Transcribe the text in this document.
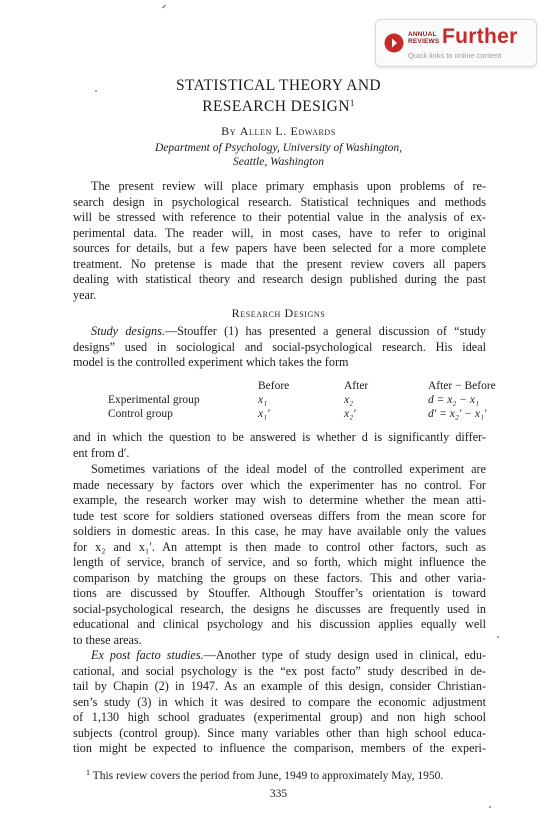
ANNUAL
REVIEWS Further
Quick links to online content
STATISTICAL THEORY AND
RESEARCH DESIGN$^1$
By Allen L. Edwards
Department of Psychology, University of Washington,
Seattle, Washington
The present review will place primary emphasis upon problems of re-
search design in psychological research. Statistical techniques and methods
will be stressed with reference to their potential value in the analysis of ex-
perimental data. The reader will, in most cases, have to refer to original
sources for details, but a few papers have been selected for a more complete
treatment. No pretense is made that the present review covers all papers
dealing with statistical theory and research design published during the past
year.
Research Designs
Study designs.—Stouffer (1) has presented a general discussion of “study
designs” used in sociological and social-psychological research. His ideal
model is the controlled experiment which takes the form
	Before	After	After − Before
Experimental group	x₁	x₂	d = x₂ − x₁
Control group	x₁′	x₂′	d′ = x₂′ − x₁′
and in which the question to be answered is whether d is significantly differ-
ent from d′.
Sometimes variations of the ideal model of the controlled experiment are
made necessary by factors over which the experimenter has no control. For
example, the research worker may wish to determine whether the mean atti-
tude test score for soldiers stationed overseas differs from the mean score for
soldiers in domestic areas. In this case, he may have available only the values
for x₂ and x₁′. An attempt is then made to control other factors, such as
length of service, branch of service, and so forth, which might influence the
comparison by matching the groups on these factors. This and other varia-
tions are discussed by Stouffer. Although Stouffer’s orientation is toward
social-psychological research, the designs he discusses are frequently used in
educational and clinical psychology and his discussion applies equally well
to these areas.
Ex post facto studies.—Another type of study design used in clinical, edu-
cational, and social psychology is the “ex post facto” study described in de-
tail by Chapin (2) in 1947. As an example of this design, consider Christian-
sen’s study (3) in which it was desired to compare the economic adjustment
of 1,130 high school graduates (experimental group) and non high school
subjects (control group). Since many variables other than high school educa-
tion might be expected to influence the comparison, members of the experi-
$^1$ This review covers the period from June, 1949 to approximately May, 1950.
335
